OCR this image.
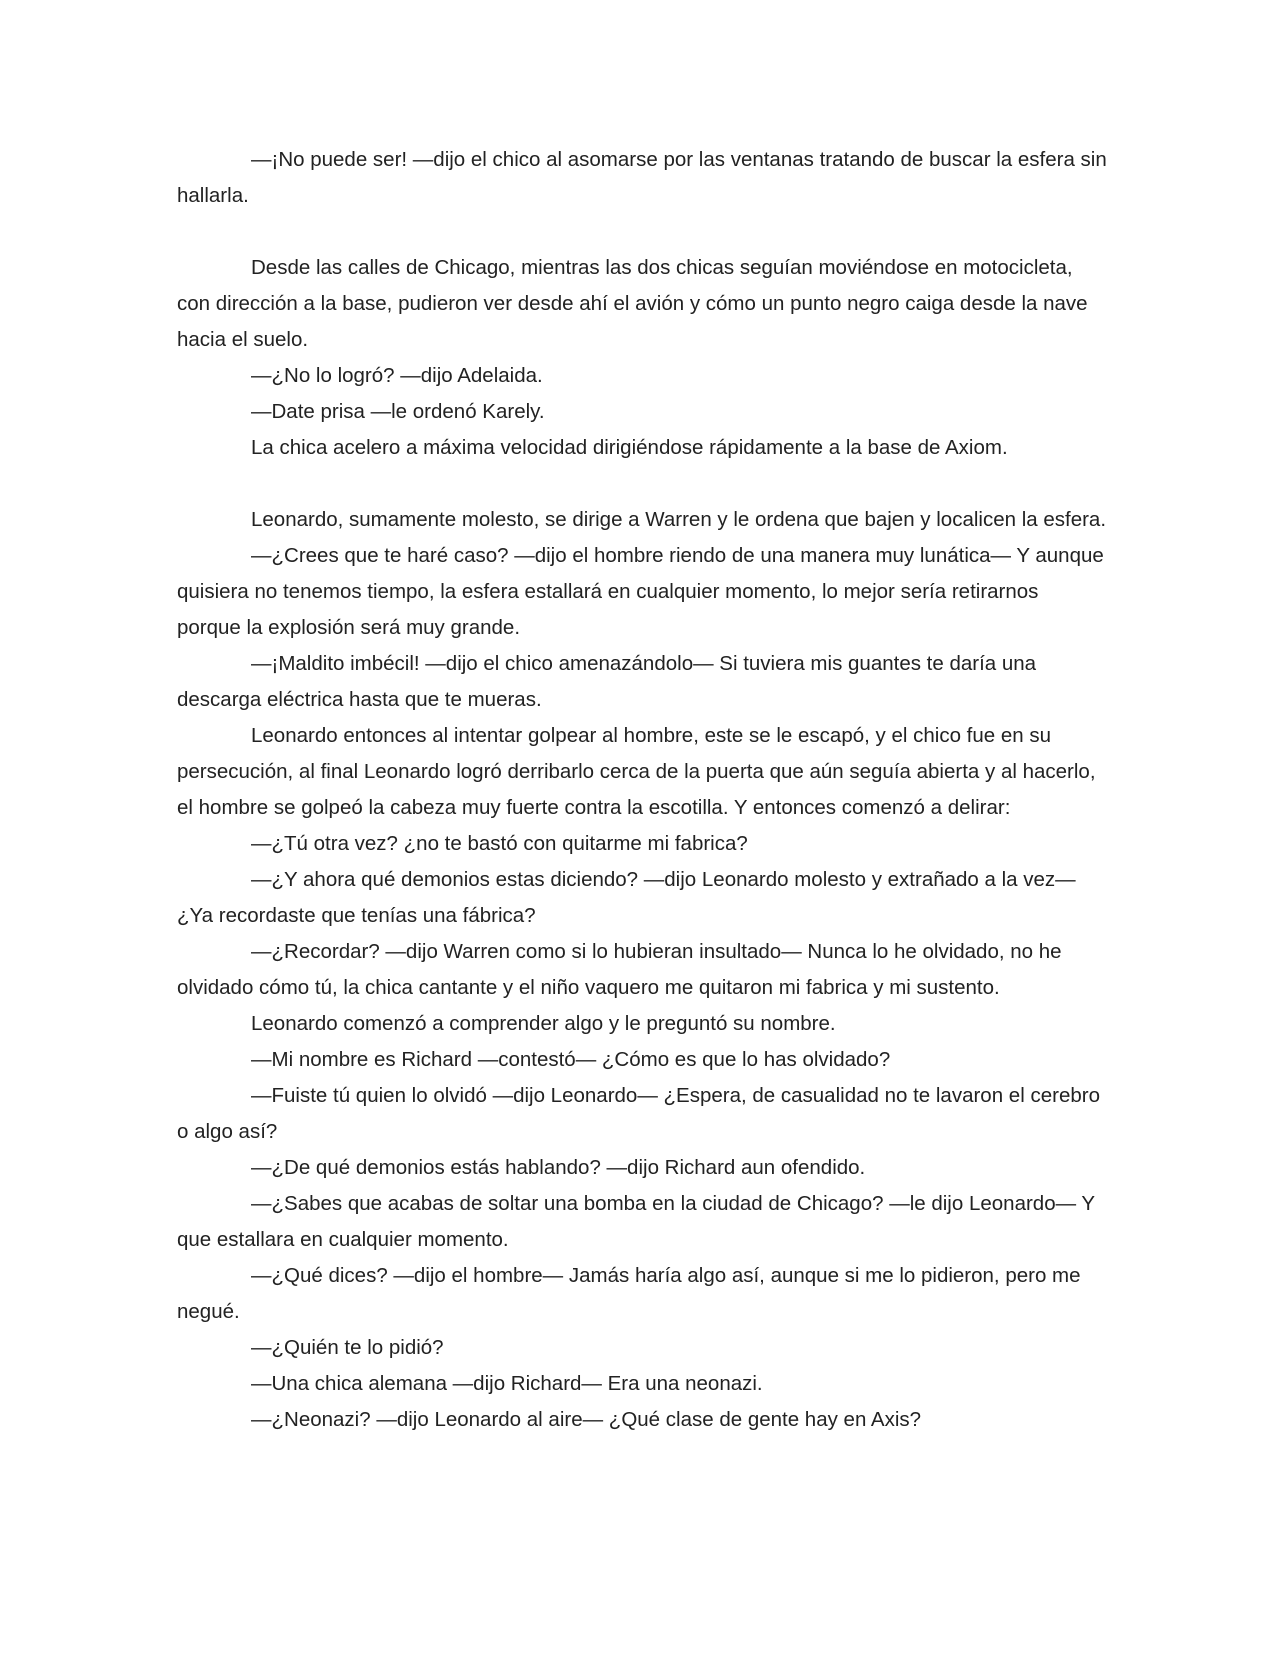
—¡No puede ser! —dijo el chico al asomarse por las ventanas tratando de buscar la esfera sin hallarla.

Desde las calles de Chicago, mientras las dos chicas seguían moviéndose en motocicleta, con dirección a la base, pudieron ver desde ahí el avión y cómo un punto negro caiga desde la nave hacia el suelo.

—¿No lo logró? —dijo Adelaida.

—Date prisa —le ordenó Karely.

La chica acelero a máxima velocidad dirigiéndose rápidamente a la base de Axiom.

Leonardo, sumamente molesto, se dirige a Warren y le ordena que bajen y localicen la esfera.

—¿Crees que te haré caso? —dijo el hombre riendo de una manera muy lunática— Y aunque quisiera no tenemos tiempo, la esfera estallará en cualquier momento, lo mejor sería retirarnos porque la explosión será muy grande.

—¡Maldito imbécil! —dijo el chico amenazándolo— Si tuviera mis guantes te daría una descarga eléctrica hasta que te mueras.

Leonardo entonces al intentar golpear al hombre, este se le escapó, y el chico fue en su persecución, al final Leonardo logró derribarlo cerca de la puerta que aún seguía abierta y al hacerlo, el hombre se golpeó la cabeza muy fuerte contra la escotilla. Y entonces comenzó a delirar:

—¿Tú otra vez? ¿no te bastó con quitarme mi fabrica?

—¿Y ahora qué demonios estas diciendo? —dijo Leonardo molesto y extrañado a la vez— ¿Ya recordaste que tenías una fábrica?

—¿Recordar? —dijo Warren como si lo hubieran insultado— Nunca lo he olvidado, no he olvidado cómo tú, la chica cantante y el niño vaquero me quitaron mi fabrica y mi sustento.

Leonardo comenzó a comprender algo y le preguntó su nombre.

—Mi nombre es Richard —contestó— ¿Cómo es que lo has olvidado?

—Fuiste tú quien lo olvidó —dijo Leonardo— ¿Espera, de casualidad no te lavaron el cerebro o algo así?

—¿De qué demonios estás hablando? —dijo Richard aun ofendido.

—¿Sabes que acabas de soltar una bomba en la ciudad de Chicago? —le dijo Leonardo— Y que estallara en cualquier momento.

—¿Qué dices? —dijo el hombre— Jamás haría algo así, aunque si me lo pidieron, pero me negué.

—¿Quién te lo pidió?

—Una chica alemana —dijo Richard— Era una neonazi.

—¿Neonazi? —dijo Leonardo al aire— ¿Qué clase de gente hay en Axis?
